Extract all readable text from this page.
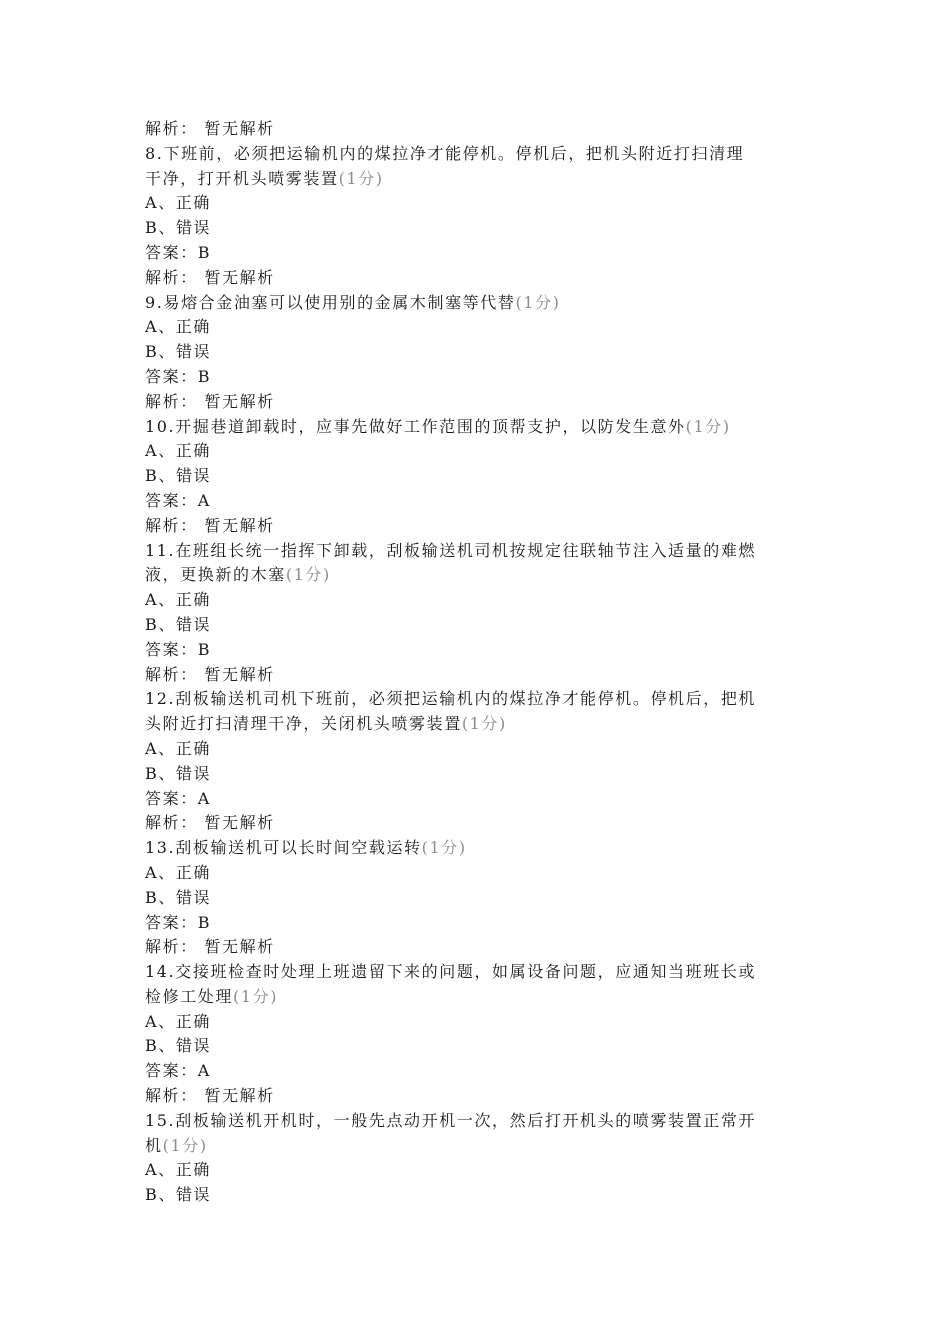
解析： 暂无解析
8.下班前，必须把运输机内的煤拉净才能停机。停机后，把机头附近打扫清理
干净，打开机头喷雾装置(1分)
A、正确
B、错误
答案：B
解析： 暂无解析
9.易熔合金油塞可以使用别的金属木制塞等代替(1分)
A、正确
B、错误
答案：B
解析： 暂无解析
10.开掘巷道卸载时，应事先做好工作范围的顶帮支护，以防发生意外(1分)
A、正确
B、错误
答案：A
解析： 暂无解析
11.在班组长统一指挥下卸载，刮板输送机司机按规定往联轴节注入适量的难燃
液，更换新的木塞(1分)
A、正确
B、错误
答案：B
解析： 暂无解析
12.刮板输送机司机下班前，必须把运输机内的煤拉净才能停机。停机后，把机
头附近打扫清理干净，关闭机头喷雾装置(1分)
A、正确
B、错误
答案：A
解析： 暂无解析
13.刮板输送机可以长时间空载运转(1分)
A、正确
B、错误
答案：B
解析： 暂无解析
14.交接班检查时处理上班遗留下来的问题，如属设备问题，应通知当班班长或
检修工处理(1分)
A、正确
B、错误
答案：A
解析： 暂无解析
15.刮板输送机开机时，一般先点动开机一次，然后打开机头的喷雾装置正常开
机(1分)
A、正确
B、错误
